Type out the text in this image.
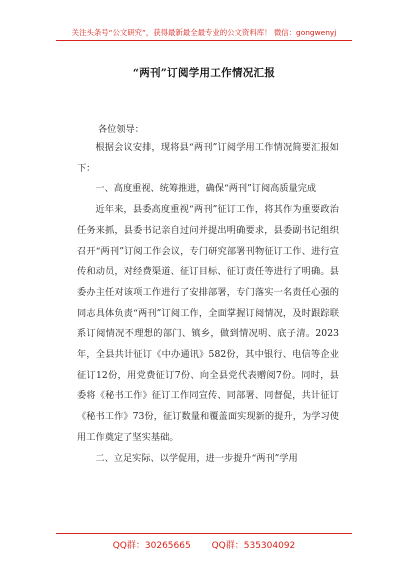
关注头条号“公文研究”，获得最新最全最专业的公文资料库！ 微信：gongwenyj
“两刊”订阅学用工作情况汇报
各位领导：

根据会议安排，现将县“两刊”订阅学用工作情况简要汇报如下：

一、高度重视、统筹推进，确保“两刊”订阅高质量完成

近年来，县委高度重视“两刊”征订工作，将其作为重要政治任务来抓，县委书记亲自过问并提出明确要求，县委副书记组织召开“两刊”订阅工作会议，专门研究部署刊物征订工作、进行宣传和动员，对经费渠道、征订目标、征订责任等进行了明确。县委办主任对该项工作进行了安排部署，专门落实一名责任心强的同志具体负责“两刊”订阅工作，全面掌握订阅情况，及时跟踪联系订阅情况不理想的部门、镇乡，做到情况明、底子清。2023年，全县共计征订《中办通讯》582份，其中银行、电信等企业征订12份，用党费征订7份、向全县党代表赠阅7份。同时，县委将《秘书工作》征订工作同宣传、同部署、同督促，共计征订《秘书工作》73份，征订数量和覆盖面实现新的提升，为学习使用工作奠定了坚实基础。

二、立足实际、以学促用，进一步提升“两刊”学用

QQ群：30265665 QQ群：535304092
